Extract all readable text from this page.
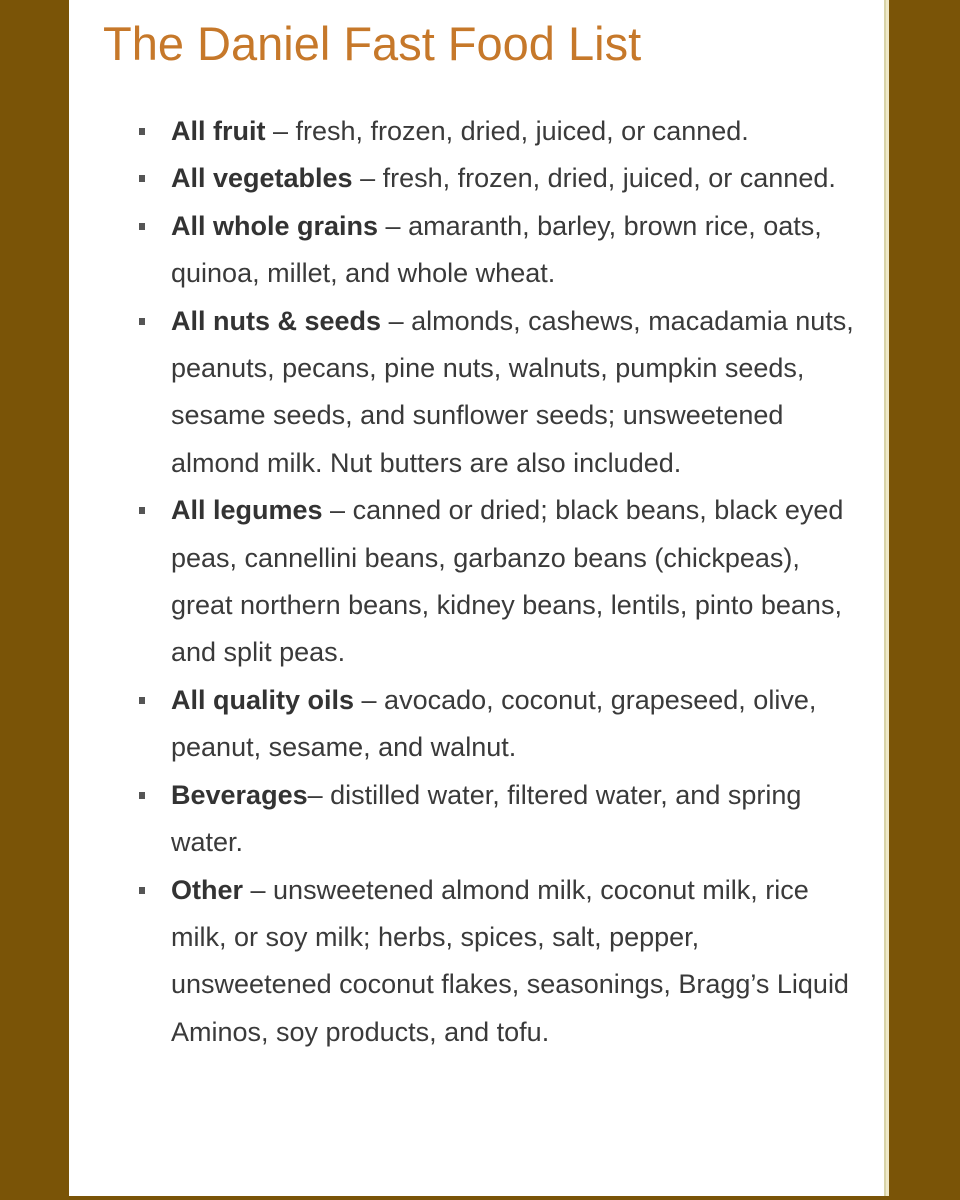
The Daniel Fast Food List
All fruit – fresh, frozen, dried, juiced, or canned.
All vegetables – fresh, frozen, dried, juiced, or canned.
All whole grains – amaranth, barley, brown rice, oats, quinoa, millet, and whole wheat.
All nuts & seeds – almonds, cashews, macadamia nuts, peanuts, pecans, pine nuts, walnuts, pumpkin seeds, sesame seeds, and sunflower seeds; unsweetened almond milk. Nut butters are also included.
All legumes – canned or dried; black beans, black eyed peas, cannellini beans, garbanzo beans (chickpeas), great northern beans, kidney beans, lentils, pinto beans, and split peas.
All quality oils – avocado, coconut, grapeseed, olive, peanut, sesame, and walnut.
Beverages– distilled water, filtered water, and spring water.
Other – unsweetened almond milk, coconut milk, rice milk, or soy milk; herbs, spices, salt, pepper, unsweetened coconut flakes, seasonings, Bragg’s Liquid Aminos, soy products, and tofu.
